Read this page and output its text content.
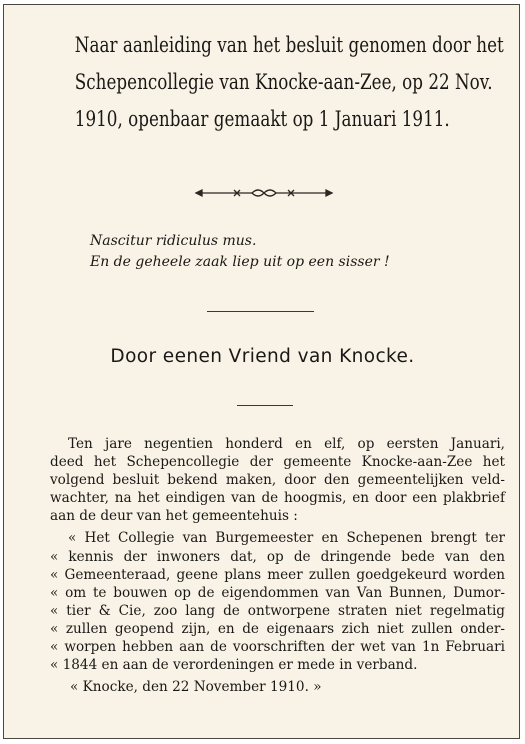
Naar aanleiding van het besluit genomen door het
Schepencollegie van Knocke-aan-Zee, op 22 Nov.
1910, openbaar gemaakt op 1 Januari 1911.
Nascitur ridiculus mus.
En de geheele zaak liep uit op een sisser !
Door eenen Vriend van Knocke.
Ten jare negentien honderd en elf, op eersten Januari,
deed het Schepencollegie der gemeente Knocke-aan-Zee het
volgend besluit bekend maken, door den gemeentelijken veld-
wachter, na het eindigen van de hoogmis, en door een plakbrief
aan de deur van het gemeentehuis :
« Het Collegie van Burgemeester en Schepenen brengt ter
« kennis der inwoners dat, op de dringende bede van den
« Gemeenteraad, geene plans meer zullen goedgekeurd worden
« om te bouwen op de eigendommen van Van Bunnen, Dumor-
« tier & Cie, zoo lang de ontworpene straten niet regelmatig
« zullen geopend zijn, en de eigenaars zich niet zullen onder-
« worpen hebben aan de voorschriften der wet van 1n Februari
« 1844 en aan de verordeningen er mede in verband.
« Knocke, den 22 November 1910. »
